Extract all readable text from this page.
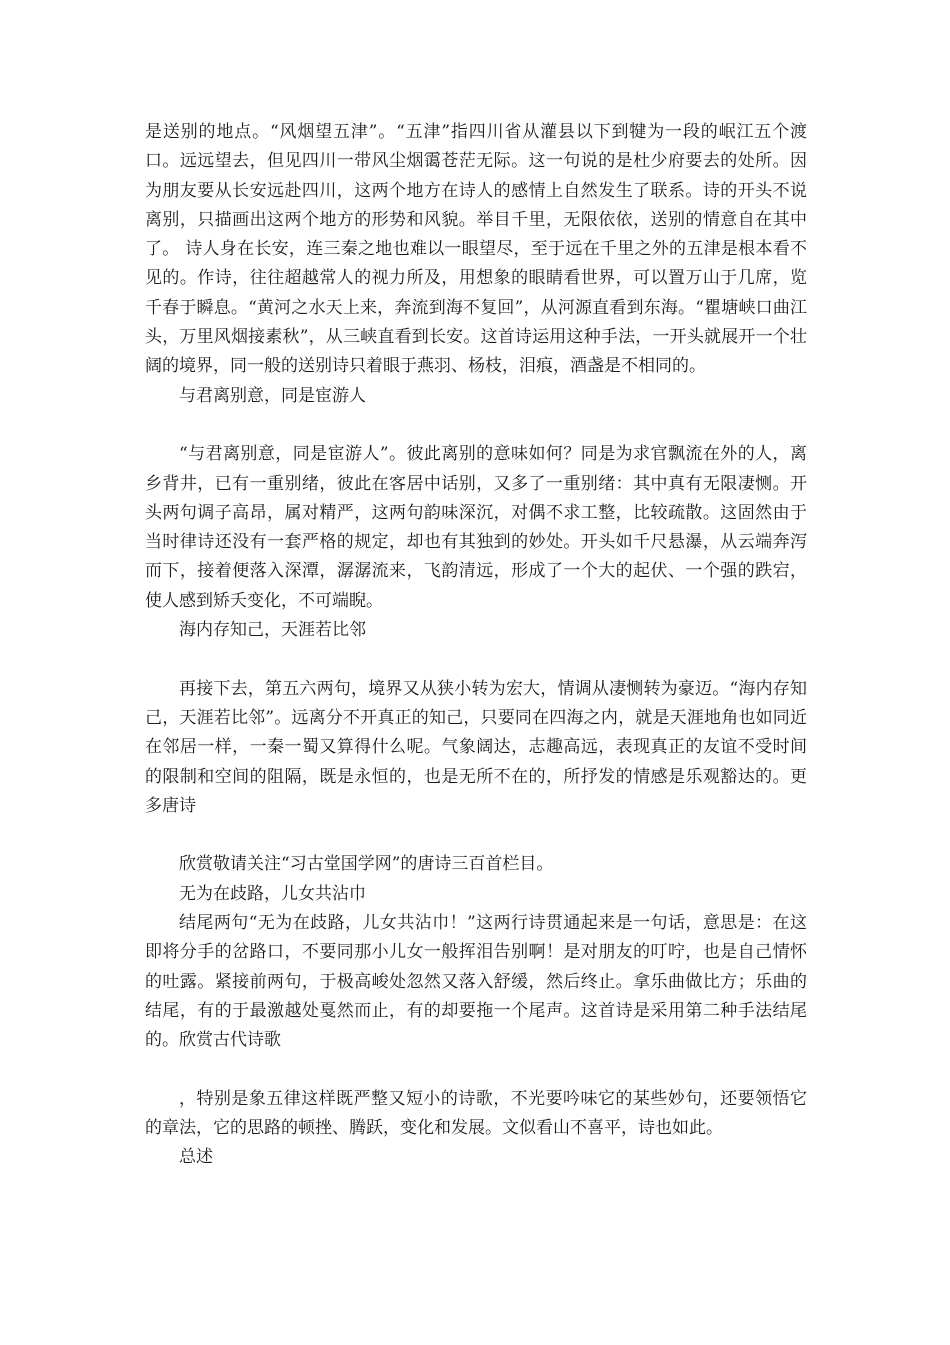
是送别的地点。“风烟望五津”。“五津”指四川省从灌县以下到犍为一段的岷江五个渡口。远远望去，但见四川一带风尘烟霭苍茫无际。这一句说的是杜少府要去的处所。因为朋友要从长安远赴四川，这两个地方在诗人的感情上自然发生了联系。诗的开头不说离别，只描画出这两个地方的形势和风貌。举目千里，无限依依，送别的情意自在其中了。 诗人身在长安，连三秦之地也难以一眼望尽，至于远在千里之外的五津是根本看不见的。作诗，往往超越常人的视力所及，用想象的眼睛看世界，可以置万山于几席，览千春于瞬息。“黄河之水天上来，奔流到海不复回”，从河源直看到东海。“瞿塘峡口曲江头，万里风烟接素秋”，从三峡直看到长安。这首诗运用这种手法，一开头就展开一个壮阔的境界，同一般的送别诗只着眼于燕羽、杨枝，泪痕，酒盏是不相同的。

与君离别意，同是宦游人

“与君离别意，同是宦游人”。彼此离别的意味如何？同是为求官飘流在外的人，离乡背井，已有一重别绪，彼此在客居中话别，又多了一重别绪：其中真有无限凄恻。开头两句调子高昂，属对精严，这两句韵味深沉，对偶不求工整，比较疏散。这固然由于当时律诗还没有一套严格的规定，却也有其独到的妙处。开头如千尺悬瀑，从云端奔泻而下，接着便落入深潭，潺潺流来，飞韵清远，形成了一个大的起伏、一个强的跌宕，使人感到矫夭变化，不可端睨。

海内存知己，天涯若比邻

再接下去，第五六两句，境界又从狭小转为宏大，情调从凄恻转为豪迈。“海内存知己，天涯若比邻”。远离分不开真正的知己，只要同在四海之内，就是天涯地角也如同近在邻居一样，一秦一蜀又算得什么呢。气象阔达，志趣高远，表现真正的友谊不受时间的限制和空间的阻隔，既是永恒的，也是无所不在的，所抒发的情感是乐观豁达的。更多唐诗

欣赏敬请关注“习古堂国学网”的唐诗三百首栏目。

无为在歧路，儿女共沾巾

结尾两句“无为在歧路，儿女共沾巾！”这两行诗贯通起来是一句话，意思是：在这即将分手的岔路口，不要同那小儿女一般挥泪告别啊！是对朋友的叮咛，也是自己情怀的吐露。紧接前两句，于极高峻处忽然又落入舒缓，然后终止。拿乐曲做比方；乐曲的结尾，有的于最激越处戛然而止，有的却要拖一个尾声。这首诗是采用第二种手法结尾的。欣赏古代诗歌

，特别是象五律这样既严整又短小的诗歌，不光要吟味它的某些妙句，还要领悟它的章法，它的思路的顿挫、腾跃，变化和发展。文似看山不喜平，诗也如此。

总述
